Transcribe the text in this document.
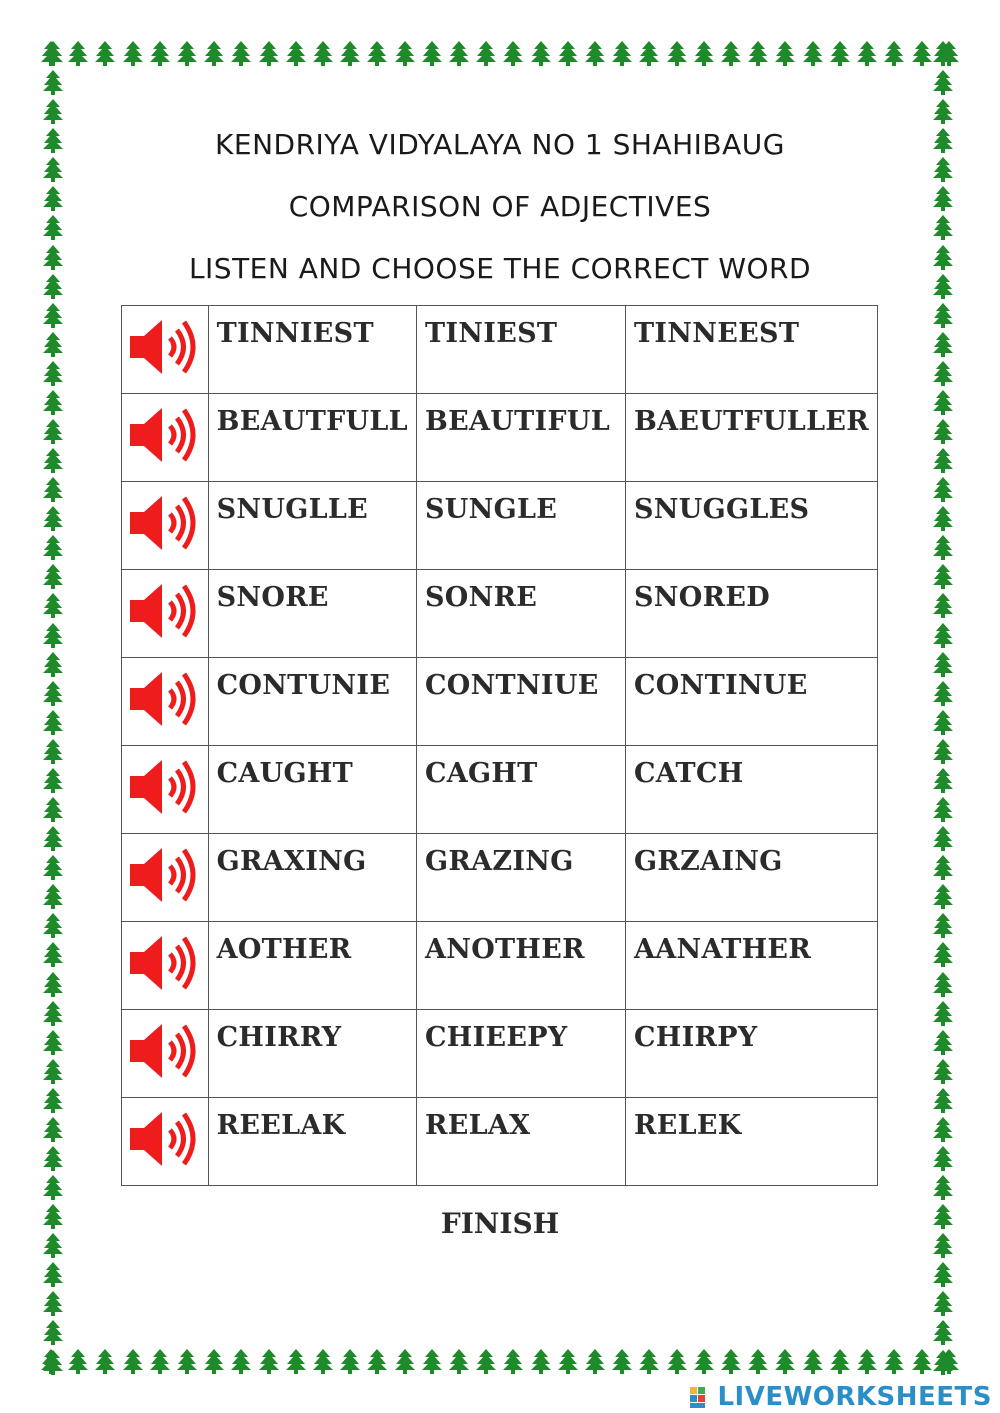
KENDRIYA VIDYALAYA NO 1 SHAHIBAUG
COMPARISON OF ADJECTIVES
LISTEN AND CHOOSE THE CORRECT WORD
	TINNIEST	TINIEST	TINNEEST
	BEAUTFULL	BEAUTIFUL	BAEUTFULLER
	SNUGLLE	SUNGLE	SNUGGLES
	SNORE	SONRE	SNORED
	CONTUNIE	CONTNIUE	CONTINUE
	CAUGHT	CAGHT	CATCH
	GRAXING	GRAZING	GRZAING
	AOTHER	ANOTHER	AANATHER
	CHIRRY	CHIEEPY	CHIRPY
	REELAK	RELAX	RELEK
FINISH
LIVEWORKSHEETS
